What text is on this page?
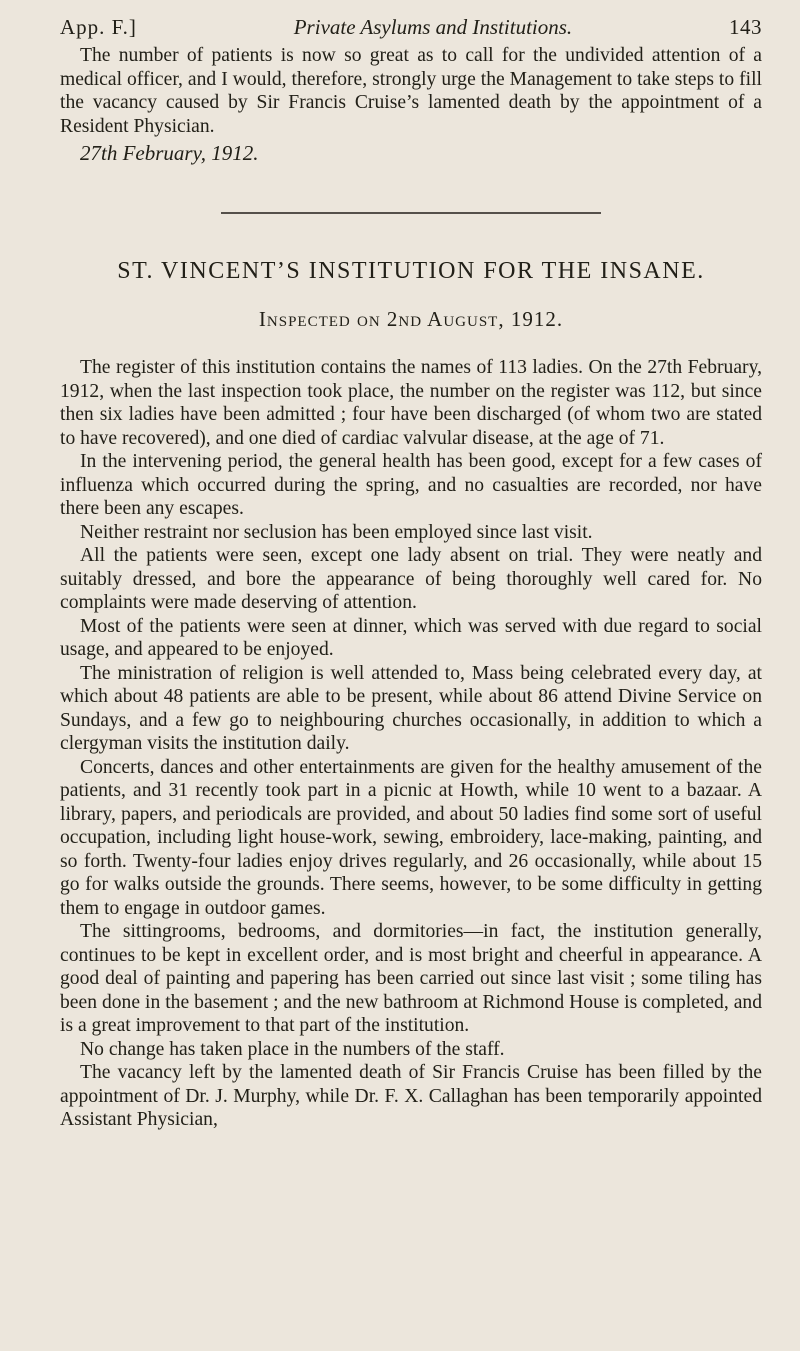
App. F.]	Private Asylums and Institutions.	143

The number of patients is now so great as to call for the undivided attention of a medical officer, and I would, therefore, strongly urge the Management to take steps to fill the vacancy caused by Sir Francis Cruise’s lamented death by the appointment of a Resident Physician.

27th February, 1912.
ST. VINCENT’S INSTITUTION FOR THE INSANE.
Inspected on 2nd August, 1912.

The register of this institution contains the names of 113 ladies. On the 27th February, 1912, when the last inspection took place, the number on the register was 112, but since then six ladies have been admitted ; four have been discharged (of whom two are stated to have recovered), and one died of cardiac valvular disease, at the age of 71.

In the intervening period, the general health has been good, except for a few cases of influenza which occurred during the spring, and no casualties are recorded, nor have there been any escapes.

Neither restraint nor seclusion has been employed since last visit.

All the patients were seen, except one lady absent on trial. They were neatly and suitably dressed, and bore the appearance of being thoroughly well cared for. No complaints were made deserving of attention.

Most of the patients were seen at dinner, which was served with due regard to social usage, and appeared to be enjoyed.

The ministration of religion is well attended to, Mass being celebrated every day, at which about 48 patients are able to be present, while about 86 attend Divine Service on Sundays, and a few go to neighbouring churches occasionally, in addition to which a clergyman visits the institution daily.

Concerts, dances and other entertainments are given for the healthy amusement of the patients, and 31 recently took part in a picnic at Howth, while 10 went to a bazaar. A library, papers, and periodicals are provided, and about 50 ladies find some sort of useful occupation, including light house-work, sewing, embroidery, lace-making, painting, and so forth. Twenty-four ladies enjoy drives regularly, and 26 occasionally, while about 15 go for walks outside the grounds. There seems, however, to be some difficulty in getting them to engage in outdoor games.

The sittingrooms, bedrooms, and dormitories—in fact, the institution generally, continues to be kept in excellent order, and is most bright and cheerful in appearance. A good deal of painting and papering has been carried out since last visit ; some tiling has been done in the basement ; and the new bathroom at Richmond House is completed, and is a great improvement to that part of the institution.

No change has taken place in the numbers of the staff.

The vacancy left by the lamented death of Sir Francis Cruise has been filled by the appointment of Dr. J. Murphy, while Dr. F. X. Callaghan has been temporarily appointed Assistant Physician,
